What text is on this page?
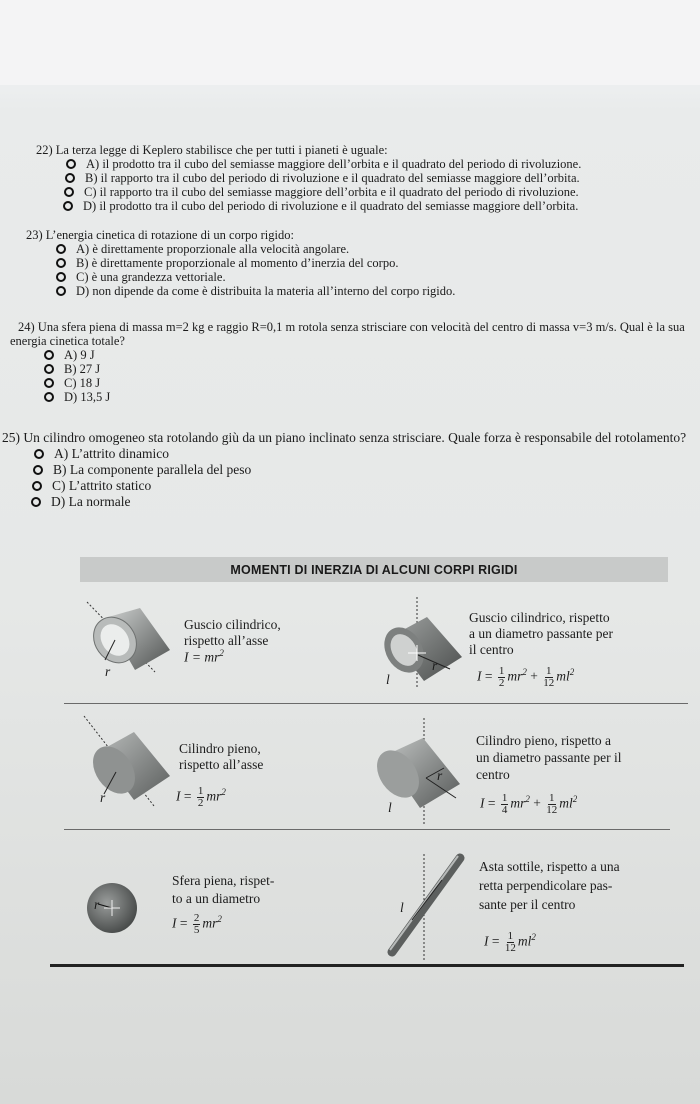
22) La terza legge di Keplero stabilisce che per tutti i pianeti è uguale:
A) il prodotto tra il cubo del semiasse maggiore dell’orbita e il quadrato del periodo di rivoluzione.
B) il rapporto tra il cubo del periodo di rivoluzione e il quadrato del semiasse maggiore dell’orbita.
C) il rapporto tra il cubo del semiasse maggiore dell’orbita e il quadrato del periodo di rivoluzione.
D) il prodotto tra il cubo del periodo di rivoluzione e il quadrato del semiasse maggiore dell’orbita.
23) L’energia cinetica di rotazione di un corpo rigido:
A) è direttamente proporzionale alla velocità angolare.
B) è direttamente proporzionale al momento d’inerzia del corpo.
C) è una grandezza vettoriale.
D) non dipende da come è distribuita la materia all’interno del corpo rigido.
24) Una sfera piena di massa m=2 kg e raggio R=0,1 m rotola senza strisciare con velocità del centro di massa v=3 m/s. Qual è la sua energia cinetica totale?
A) 9 J
B) 27 J
C) 18 J
D) 13,5 J
25) Un cilindro omogeneo sta rotolando giù da un piano inclinato senza strisciare. Quale forza è responsabile del rotolamento?
A) L’attrito dinamico
B) La componente parallela del peso
C) L’attrito statico
D) La normale
MOMENTI DI INERZIA DI ALCUNI CORPI RIGIDI
r
Guscio cilindrico,
rispetto all’asse
$I = mr^2$
r
l
Guscio cilindrico, rispetto
a un diametro passante per
il centro
$I = \frac{1}{2} mr^2 + \frac{1}{12} ml^2$
r
Cilindro pieno,
rispetto all’asse
$I = \frac{1}{2} mr^2$
r
l
Cilindro pieno, rispetto a
un diametro passante per il
centro
$I = \frac{1}{4} mr^2 + \frac{1}{12} ml^2$
r
Sfera piena, rispet-
to a un diametro
$I = \frac{2}{5} mr^2$
l
Asta sottile, rispetto a una
retta perpendicolare pas-
sante per il centro
$I = \frac{1}{12} ml^2$
